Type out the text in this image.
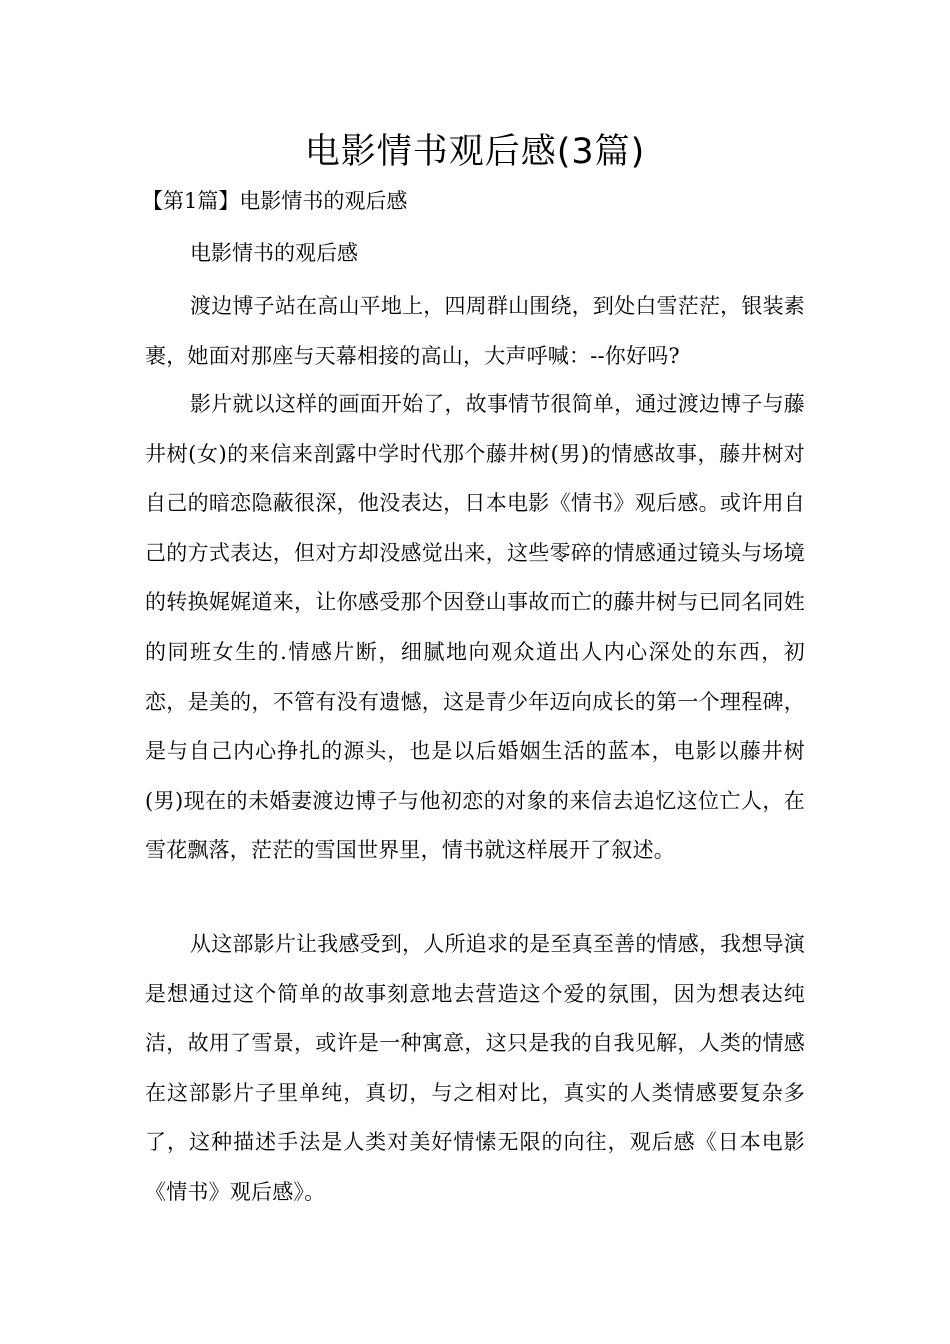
电影情书观后感(3篇)
【第1篇】电影情书的观后感

电影情书的观后感

渡边博子站在高山平地上，四周群山围绕，到处白雪茫茫，银装素裹，她面对那座与天幕相接的高山，大声呼喊：--你好吗?

影片就以这样的画面开始了，故事情节很简单，通过渡边博子与藤井树(女)的来信来剖露中学时代那个藤井树(男)的情感故事，藤井树对自己的暗恋隐蔽很深，他没表达，日本电影《情书》观后感。或许用自己的方式表达，但对方却没感觉出来，这些零碎的情感通过镜头与场境的转换娓娓道来，让你感受那个因登山事故而亡的藤井树与已同名同姓的同班女生的.情感片断，细腻地向观众道出人内心深处的东西，初恋，是美的，不管有没有遗憾，这是青少年迈向成长的第一个理程碑，是与自己内心挣扎的源头，也是以后婚姻生活的蓝本，电影以藤井树(男)现在的未婚妻渡边博子与他初恋的对象的来信去追忆这位亡人，在雪花飘落，茫茫的雪国世界里，情书就这样展开了叙述。

从这部影片让我感受到，人所追求的是至真至善的情感，我想导演是想通过这个简单的故事刻意地去营造这个爱的氛围，因为想表达纯洁，故用了雪景，或许是一种寓意，这只是我的自我见解，人类的情感在这部影片子里单纯，真切，与之相对比，真实的人类情感要复杂多了，这种描述手法是人类对美好情愫无限的向往，观后感《日本电影《情书》观后感》。
